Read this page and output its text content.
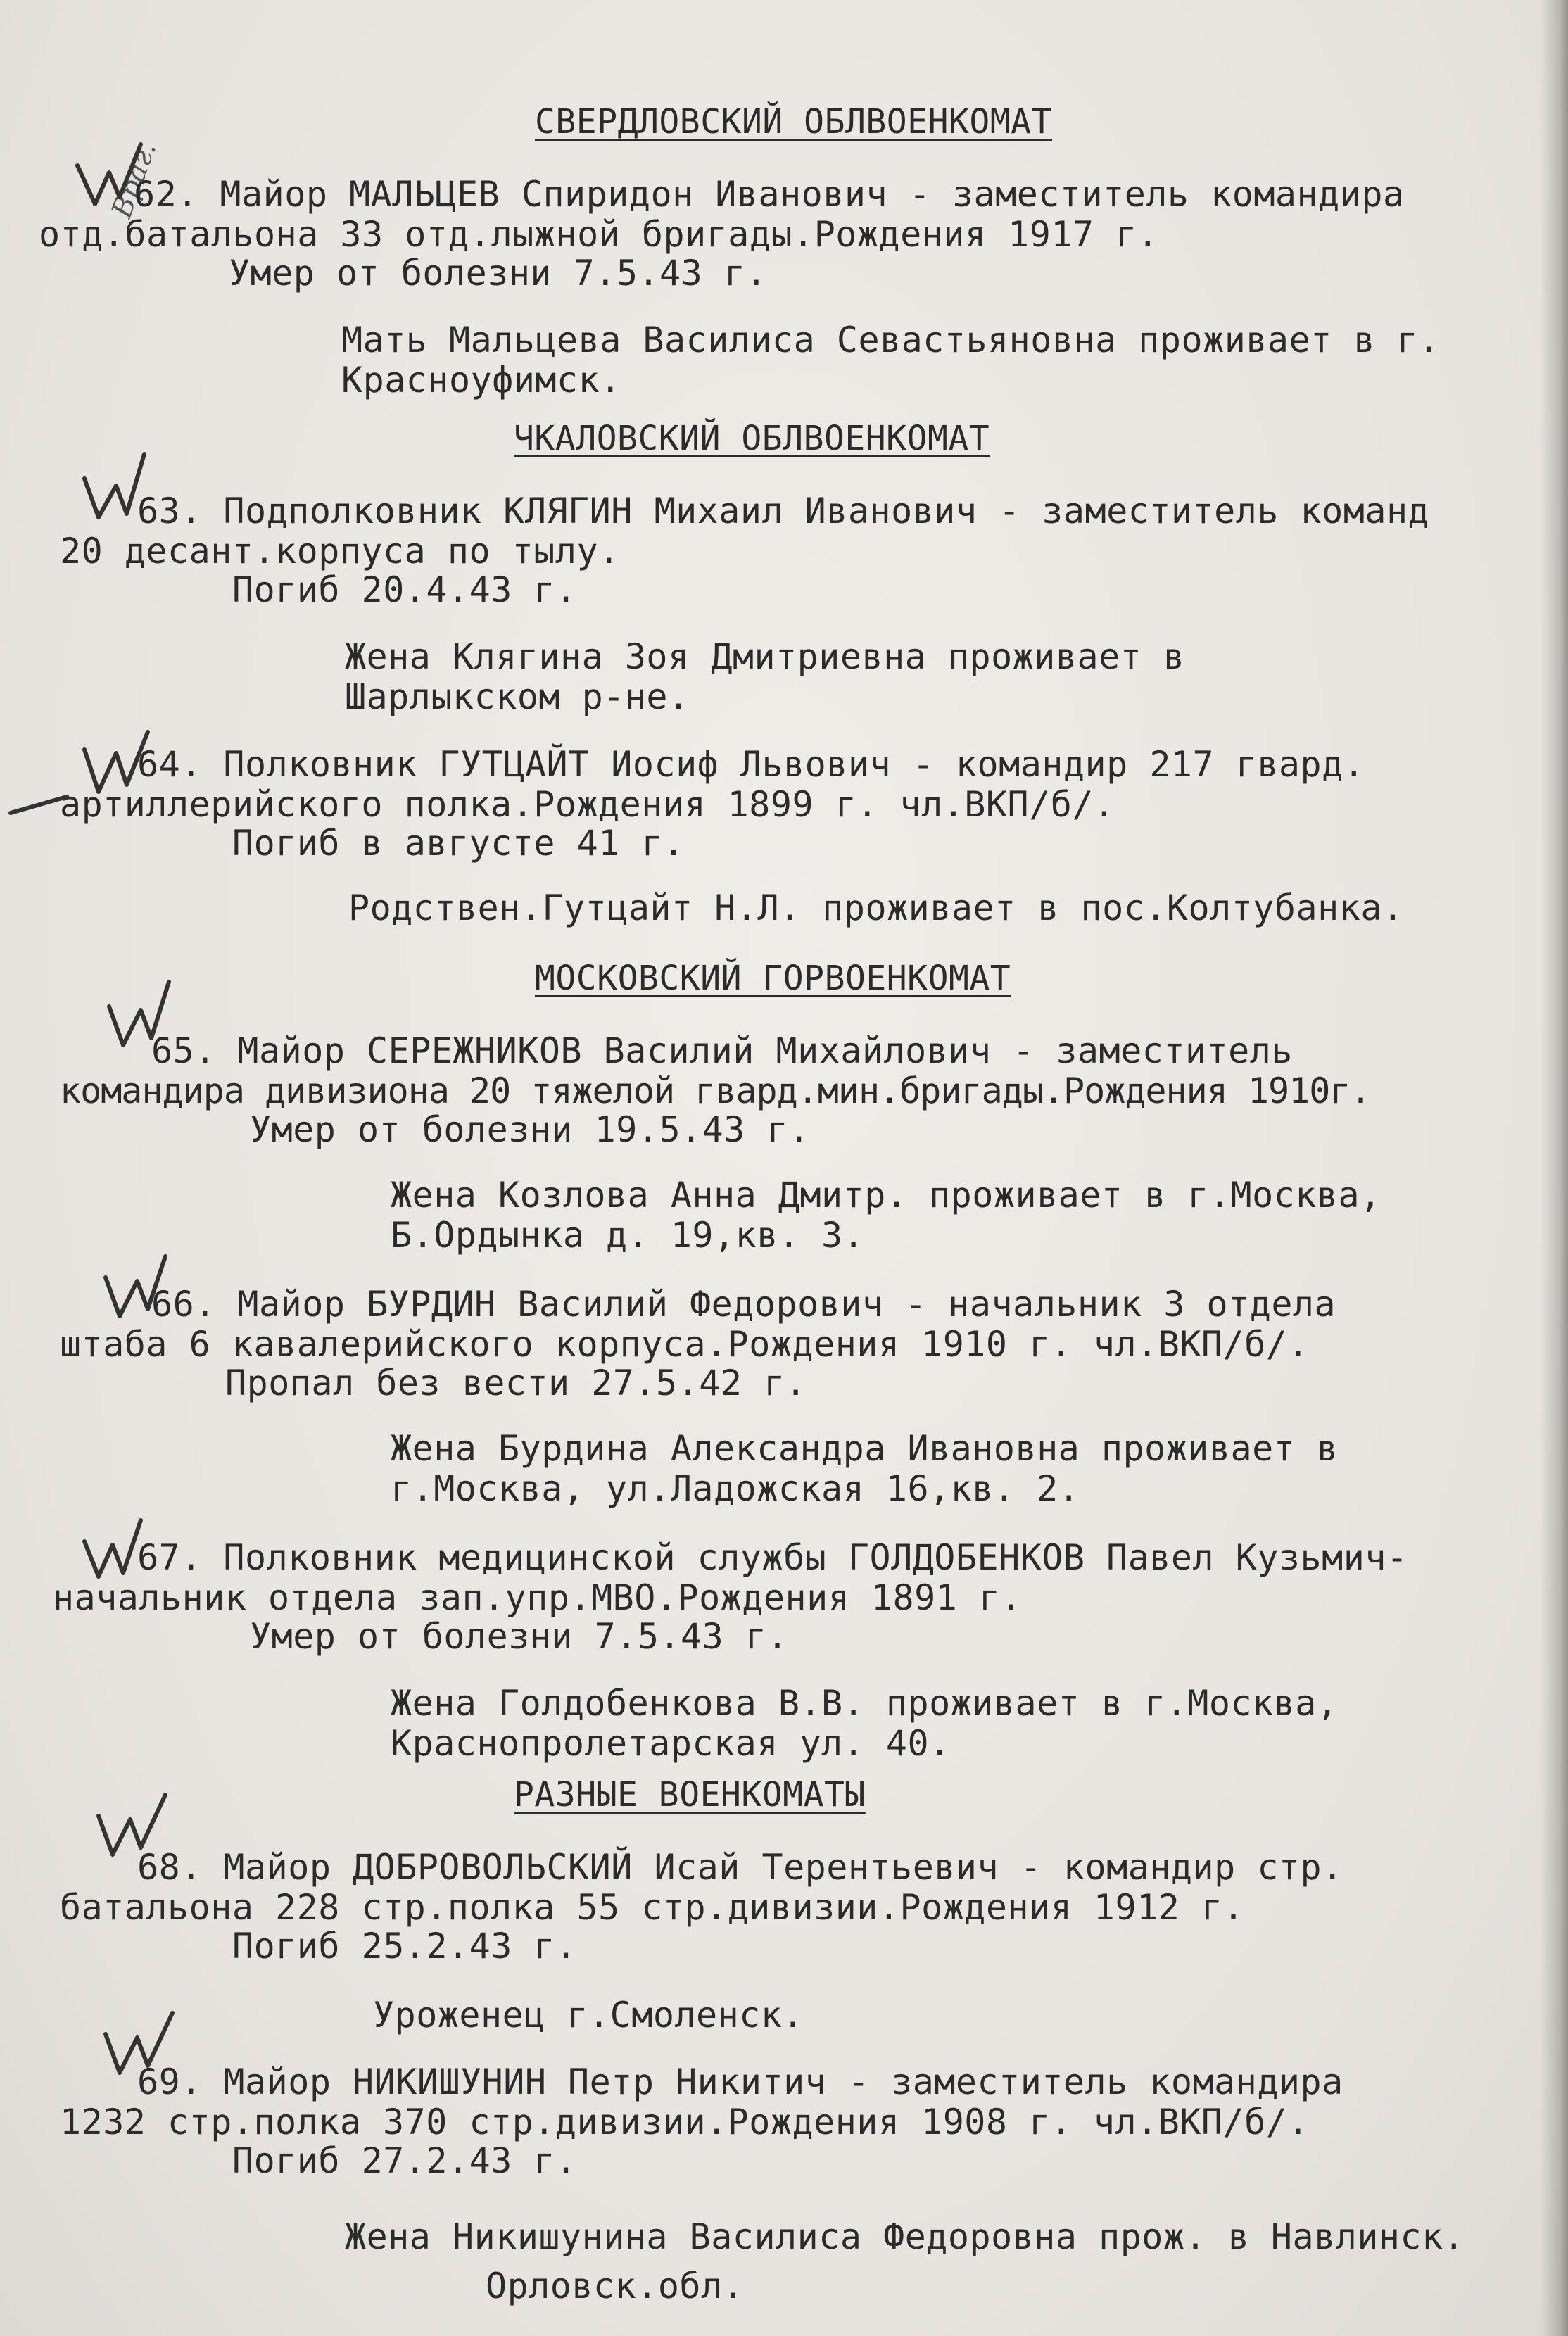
Враг.
СВЕРДЛОВСКИЙ ОБЛВОЕНКОМАТ
62. Майор МАЛЬЦЕВ Спиридон Иванович - заместитель командира
отд.батальона 33 отд.лыжной бригады.Рождения 1917 г.
Умер от болезни 7.5.43 г.
Мать Мальцева Василиса Севастьяновна проживает в г.
Красноуфимск.
ЧКАЛОВСКИЙ ОБЛВОЕНКОМАТ
63. Подполковник КЛЯГИН Михаил Иванович - заместитель команд
20 десант.корпуса по тылу.
Погиб 20.4.43 г.
Жена Клягина Зоя Дмитриевна проживает в
Шарлыкском р-не.
64. Полковник ГУТЦАЙТ Иосиф Львович - командир 217 гвард.
артиллерийского полка.Рождения 1899 г. чл.ВКП/б/.
Погиб в августе 41 г.
Родствен.Гутцайт Н.Л. проживает в пос.Колтубанка.
МОСКОВСКИЙ ГОРВОЕНКОМАТ
65. Майор СЕРЕЖНИКОВ Василий Михайлович - заместитель
командира дивизиона 20 тяжелой гвард.мин.бригады.Рождения 1910г.
Умер от болезни 19.5.43 г.
Жена Козлова Анна Дмитр. проживает в г.Москва,
Б.Ордынка д. 19,кв. 3.
66. Майор БУРДИН Василий Федорович - начальник 3 отдела
штаба 6 кавалерийского корпуса.Рождения 1910 г. чл.ВКП/б/.
Пропал без вести 27.5.42 г.
Жена Бурдина Александра Ивановна проживает в
г.Москва, ул.Ладожская 16,кв. 2.
67. Полковник медицинской службы ГОЛДОБЕНКОВ Павел Кузьмич-
начальник отдела зап.упр.МВО.Рождения 1891 г.
Умер от болезни 7.5.43 г.
Жена Голдобенкова В.В. проживает в г.Москва,
Краснопролетарская ул. 40.
РАЗНЫЕ ВОЕНКОМАТЫ
68. Майор ДОБРОВОЛЬСКИЙ Исай Терентьевич - командир стр.
батальона 228 стр.полка 55 стр.дивизии.Рождения 1912 г.
Погиб 25.2.43 г.
Уроженец г.Смоленск.
69. Майор НИКИШУНИН Петр Никитич - заместитель командира
1232 стр.полка 370 стр.дивизии.Рождения 1908 г. чл.ВКП/б/.
Погиб 27.2.43 г.
Жена Никишунина Василиса Федоровна прож. в Навлинск.
Орловск.обл.
